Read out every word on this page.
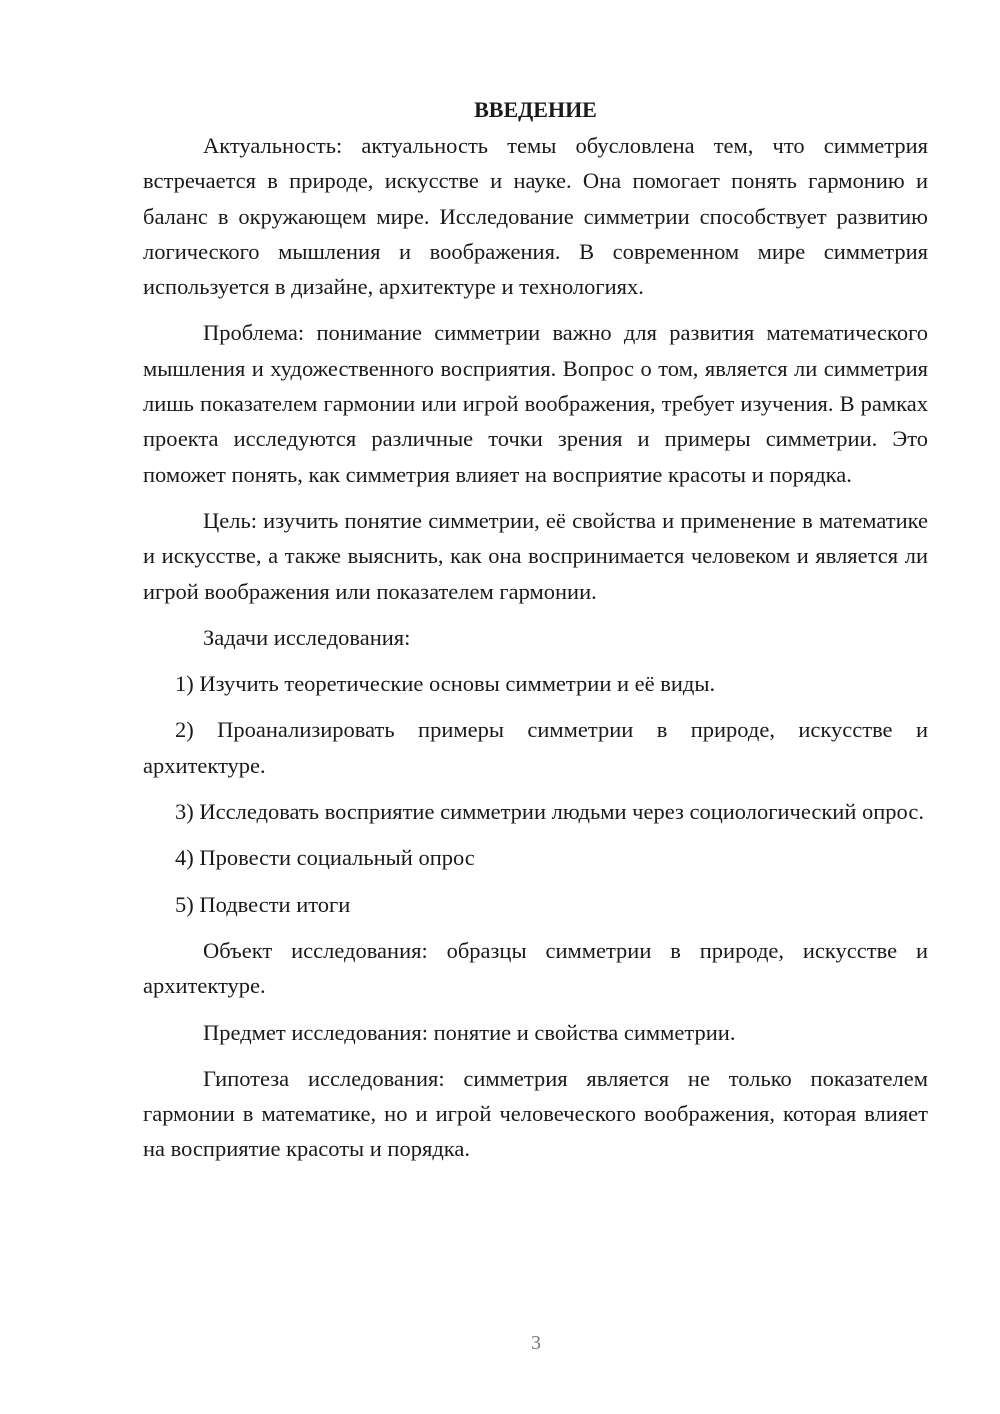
ВВЕДЕНИЕ

Актуальность: актуальность темы обусловлена тем, что симметрия встречается в природе, искусстве и науке. Она помогает понять гармонию и баланс в окружающем мире. Исследование симметрии способствует развитию логического мышления и воображения. В современном мире симметрия используется в дизайне, архитектуре и технологиях.

Проблема: понимание симметрии важно для развития математического мышления и художественного восприятия. Вопрос о том, является ли симметрия лишь показателем гармонии или игрой воображения, требует изучения. В рамках проекта исследуются различные точки зрения и примеры симметрии. Это поможет понять, как симметрия влияет на восприятие красоты и порядка.

Цель: изучить понятие симметрии, её свойства и применение в математике и искусстве, а также выяснить, как она воспринимается человеком и является ли игрой воображения или показателем гармонии.

Задачи исследования:

1) Изучить теоретические основы симметрии и её виды.

2) Проанализировать примеры симметрии в природе, искусстве и архитектуре.

3) Исследовать восприятие симметрии людьми через социологический опрос.

4) Провести социальный опрос

5) Подвести итоги

Объект исследования: образцы симметрии в природе, искусстве и архитектуре.

Предмет исследования: понятие и свойства симметрии.

Гипотеза исследования: симметрия является не только показателем гармонии в математике, но и игрой человеческого воображения, которая влияет на восприятие красоты и порядка.

3
